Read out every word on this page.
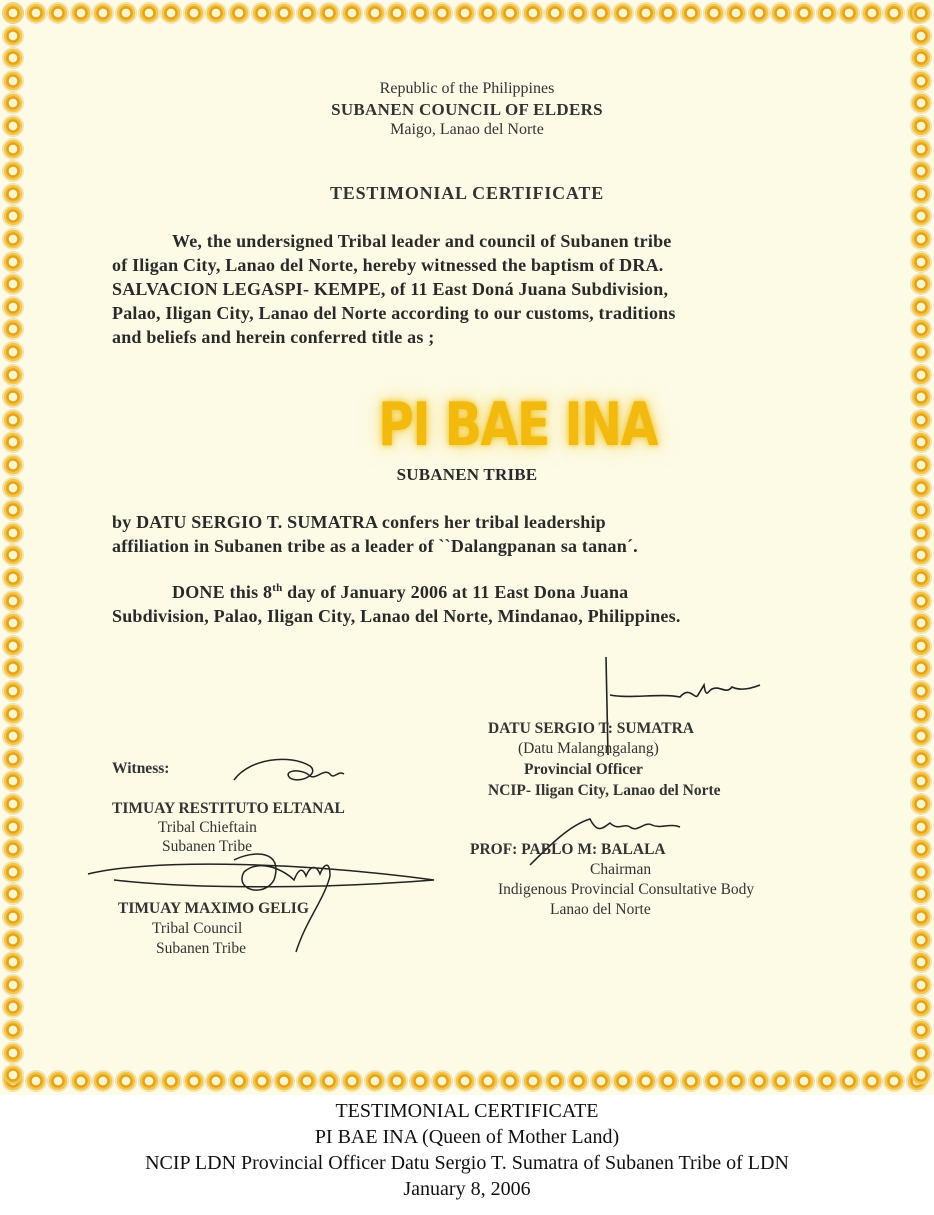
Republic of the Philippines
SUBANEN COUNCIL OF ELDERS
Maigo, Lanao del Norte
TESTIMONIAL CERTIFICATE
We, the undersigned Tribal leader and council of Subanen tribe
of Iligan City, Lanao del Norte, hereby witnessed the baptism of DRA.
SALVACION LEGASPI- KEMPE, of 11 East Doná Juana Subdivision,
Palao, Iligan City, Lanao del Norte according to our customs, traditions
and beliefs and herein conferred title as ;
PI BAE INA
SUBANEN TRIBE
by DATU SERGIO T. SUMATRA confers her tribal leadership
affiliation in Subanen tribe as a leader of ``Dalangpanan sa tanan´.
DONE this 8th day of January 2006 at 11 East Dona Juana
Subdivision, Palao, Iligan City, Lanao del Norte, Mindanao, Philippines.
DATU SERGIO T: SUMATRA
(Datu Malangngalang)
Provincial Officer
NCIP- Iligan City, Lanao del Norte
Witness:
TIMUAY RESTITUTO ELTANAL
Tribal Chieftain
Subanen Tribe	PROF: PABLO M: BALALA
Chairman
Indigenous Provincial Consultative Body
Lanao del Norte
TIMUAY MAXIMO GELIG
Tribal Council
Subanen Tribe
TESTIMONIAL CERTIFICATE
PI BAE INA (Queen of Mother Land)
NCIP LDN Provincial Officer Datu Sergio T. Sumatra of Subanen Tribe of LDN
January 8, 2006
